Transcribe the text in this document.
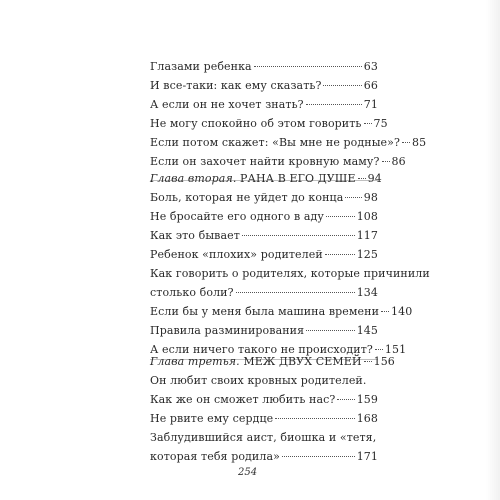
Глазами ребенка	63
И все-таки: как ему сказать?	66
А если он не хочет знать?	71
Не могу спокойно об этом говорить 75
Если потом скажет: «Вы мне не родные»? 85
Если он захочет найти кровную маму? 86
Глава вторая. РАНА В ЕГО ДУШЕ 94
Боль, которая не уйдет до конца 98
Не бросайте его одного в аду	108
Как это бывает	117
Ребенок «плохих» родителей	125
Как говорить о родителях, которые причинили
столько боли?	134
Если бы у меня была машина времени 140
Правила разминирования	145
А если ничего такого не происходит? 151
Глава третья. МЕЖ ДВУХ СЕМЕЙ 156
Он любит своих кровных родителей.
Как же он сможет любить нас? 159
Не рвите ему сердце	168
Заблудившийся аист, биошка и «тетя,
которая тебя родила»	171
254
